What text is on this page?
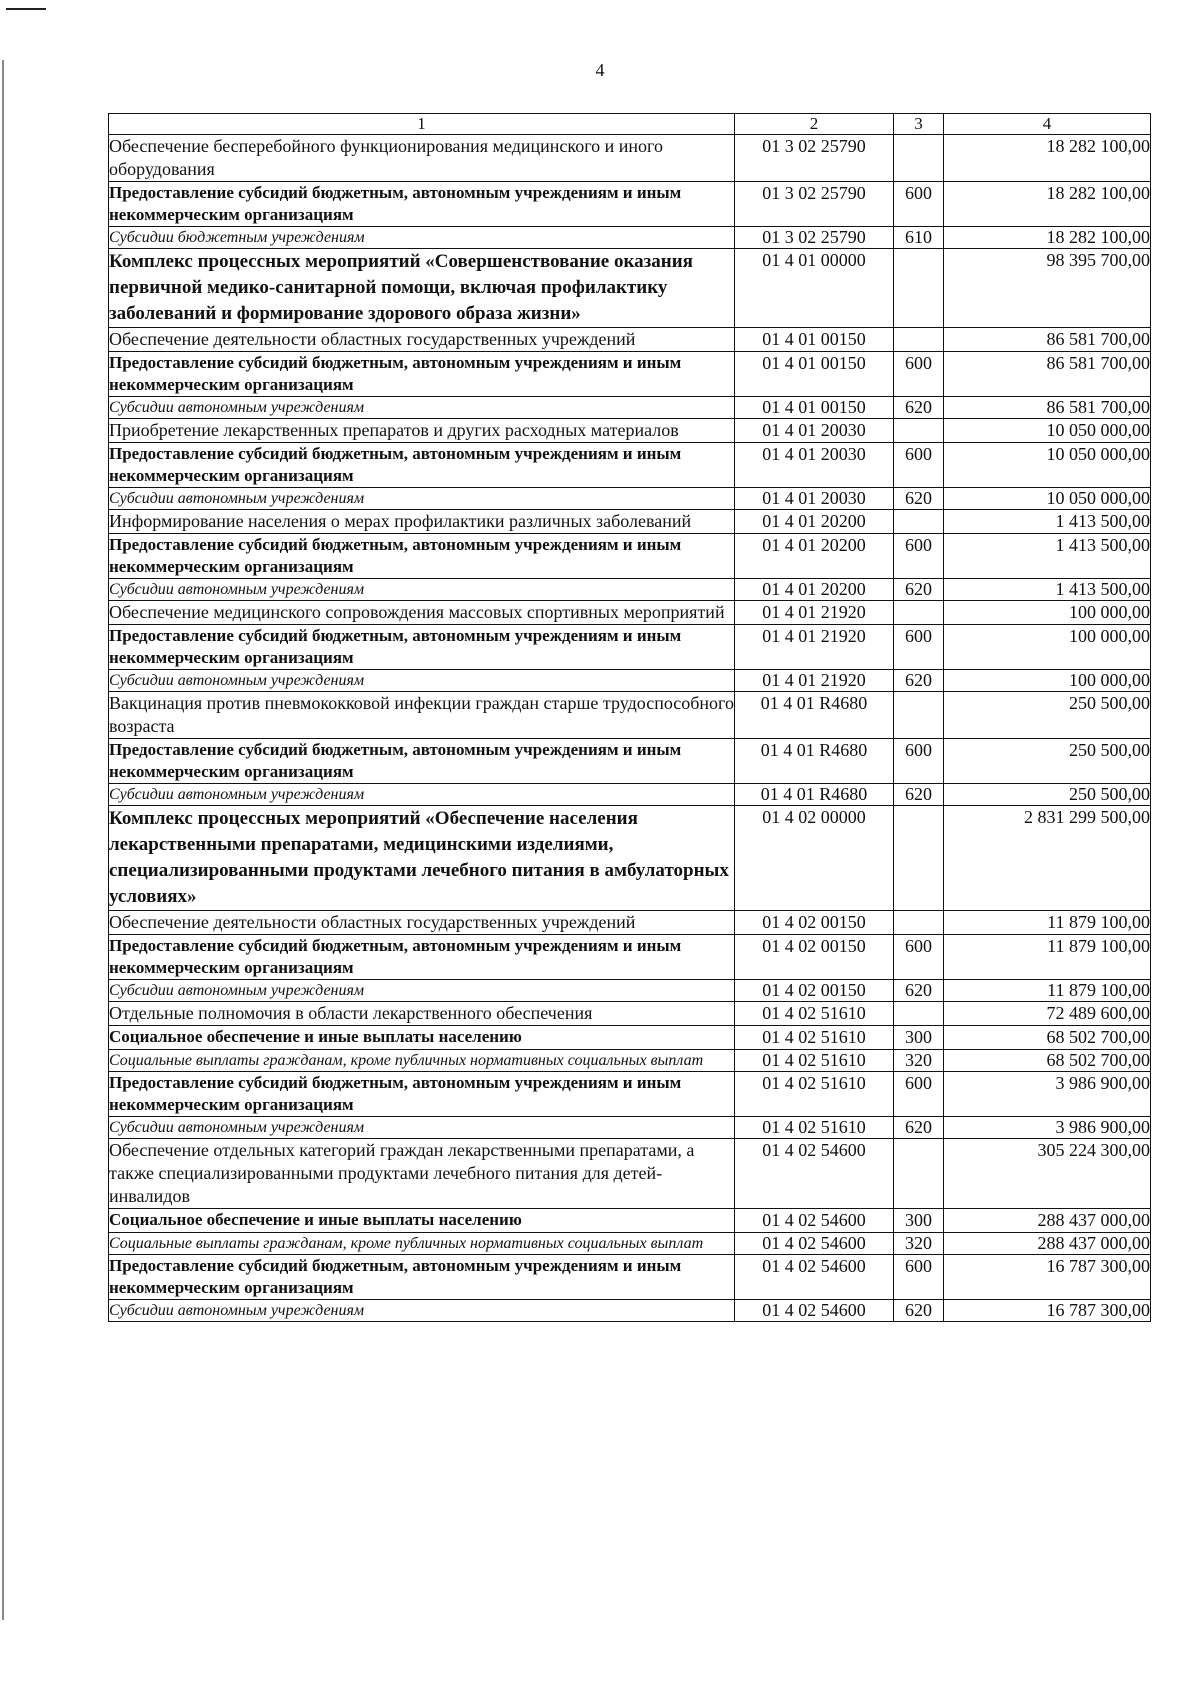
4
1	2	3	4
Обеспечение бесперебойного функционирования медицинского и иного оборудования	01 3 02 25790		18 282 100,00
Предоставление субсидий бюджетным, автономным учреждениям и иным некоммерческим организациям	01 3 02 25790	600	18 282 100,00
Субсидии бюджетным учреждениям	01 3 02 25790	610	18 282 100,00
Комплекс процессных мероприятий «Совершенствование оказания первичной медико-санитарной помощи, включая профилактику заболеваний и формирование здорового образа жизни»	01 4 01 00000		98 395 700,00
Обеспечение деятельности областных государственных учреждений	01 4 01 00150		86 581 700,00
Предоставление субсидий бюджетным, автономным учреждениям и иным некоммерческим организациям	01 4 01 00150	600	86 581 700,00
Субсидии автономным учреждениям	01 4 01 00150	620	86 581 700,00
Приобретение лекарственных препаратов и других расходных материалов	01 4 01 20030		10 050 000,00
Предоставление субсидий бюджетным, автономным учреждениям и иным некоммерческим организациям	01 4 01 20030	600	10 050 000,00
Субсидии автономным учреждениям	01 4 01 20030	620	10 050 000,00
Информирование населения о мерах профилактики различных заболеваний	01 4 01 20200		1 413 500,00
Предоставление субсидий бюджетным, автономным учреждениям и иным некоммерческим организациям	01 4 01 20200	600	1 413 500,00
Субсидии автономным учреждениям	01 4 01 20200	620	1 413 500,00
Обеспечение медицинского сопровождения массовых спортивных мероприятий	01 4 01 21920		100 000,00
Предоставление субсидий бюджетным, автономным учреждениям и иным некоммерческим организациям	01 4 01 21920	600	100 000,00
Субсидии автономным учреждениям	01 4 01 21920	620	100 000,00
Вакцинация против пневмококковой инфекции граждан старше трудоспособного возраста	01 4 01 R4680		250 500,00
Предоставление субсидий бюджетным, автономным учреждениям и иным некоммерческим организациям	01 4 01 R4680	600	250 500,00
Субсидии автономным учреждениям	01 4 01 R4680	620	250 500,00
Комплекс процессных мероприятий «Обеспечение населения лекарственными препаратами, медицинскими изделиями, специализированными продуктами лечебного питания в амбулаторных условиях»	01 4 02 00000		2 831 299 500,00
Обеспечение деятельности областных государственных учреждений	01 4 02 00150		11 879 100,00
Предоставление субсидий бюджетным, автономным учреждениям и иным некоммерческим организациям	01 4 02 00150	600	11 879 100,00
Субсидии автономным учреждениям	01 4 02 00150	620	11 879 100,00
Отдельные полномочия в области лекарственного обеспечения	01 4 02 51610		72 489 600,00
Социальное обеспечение и иные выплаты населению	01 4 02 51610	300	68 502 700,00
Социальные выплаты гражданам, кроме публичных нормативных социальных выплат	01 4 02 51610	320	68 502 700,00
Предоставление субсидий бюджетным, автономным учреждениям и иным некоммерческим организациям	01 4 02 51610	600	3 986 900,00
Субсидии автономным учреждениям	01 4 02 51610	620	3 986 900,00
Обеспечение отдельных категорий граждан лекарственными препаратами, а также специализированными продуктами лечебного питания для детей-инвалидов	01 4 02 54600		305 224 300,00
Социальное обеспечение и иные выплаты населению	01 4 02 54600	300	288 437 000,00
Социальные выплаты гражданам, кроме публичных нормативных социальных выплат	01 4 02 54600	320	288 437 000,00
Предоставление субсидий бюджетным, автономным учреждениям и иным некоммерческим организациям	01 4 02 54600	600	16 787 300,00
Субсидии автономным учреждениям	01 4 02 54600	620	16 787 300,00
